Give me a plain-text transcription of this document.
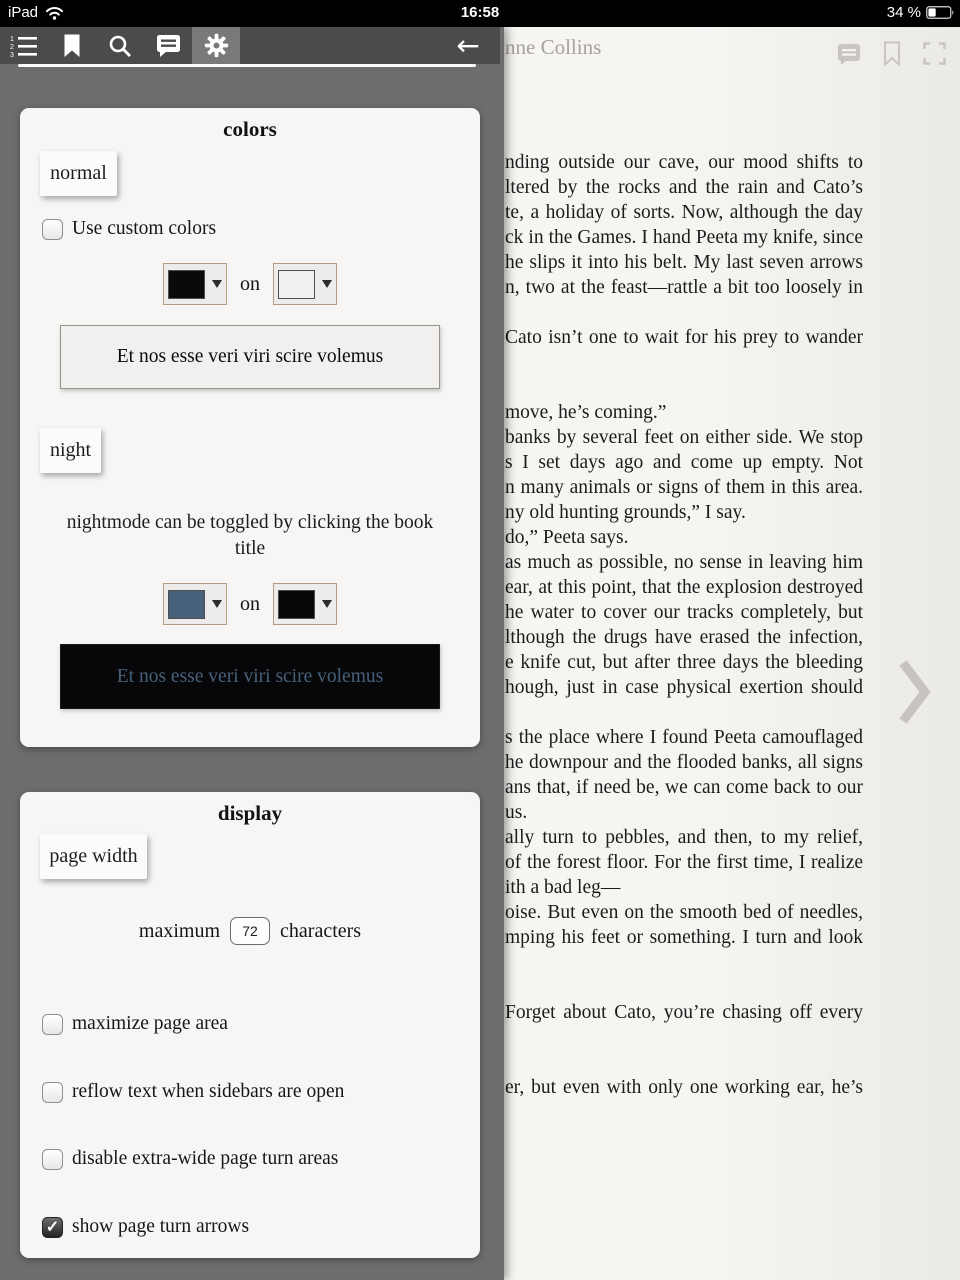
nne Collins
nding outside our cave, our mood shifts to
ltered by the rocks and the rain and Cato’s
te, a holiday of sorts. Now, although the day
ck in the Games. I hand Peeta my knife, since
he slips it into his belt. My last seven arrows
n, two at the feast—rattle a bit too loosely in
Cato isn’t one to wait for his prey to wander
move, he’s coming.”
banks by several feet on either side. We stop
s I set days ago and come up empty. Not
n many animals or signs of them in this area.
ny old hunting grounds,” I say.
do,” Peeta says.
as much as possible, no sense in leaving him
ear, at this point, that the explosion destroyed
he water to cover our tracks completely, but
lthough the drugs have erased the infection,
e knife cut, but after three days the bleeding
hough, just in case physical exertion should
s the place where I found Peeta camouflaged
he downpour and the flooded banks, all signs
ans that, if need be, we can come back to our
us.
ally turn to pebbles, and then, to my relief,
of the forest floor. For the first time, I realize
ith a bad leg—
oise. But even on the smooth bed of needles,
mping his feet or something. I turn and look
Forget about Cato, you’re chasing off every
er, but even with only one working ear, he’s
1
2
3	←
colors
normal
Use custom colors
on
Et nos esse veri viri scire volemus
night
nightmode can be toggled by clicking the book title
on
Et nos esse veri viri scire volemus
display
page width
maximum	72	characters
maximize page area
reflow text when sidebars are open
disable extra-wide page turn areas
✓
show page turn arrows
iPad	16:58	34 %
